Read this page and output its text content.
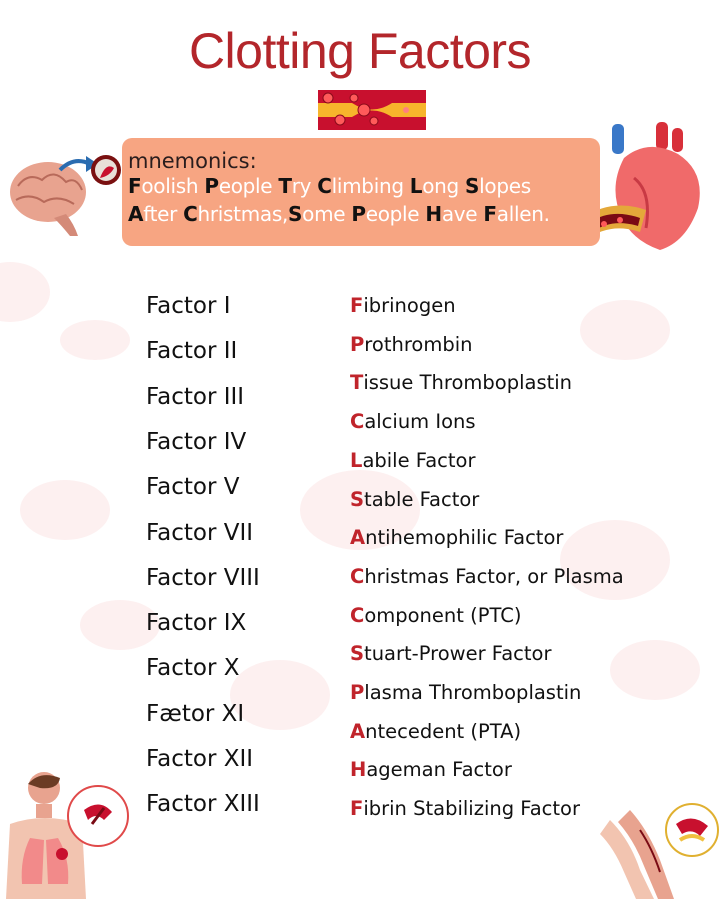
Clotting Factors
mnemonics:
Foolish People Try Climbing Long Slopes
After Christmas,Some People Have Fallen.
Factor I
Factor II
Factor III
Factor IV
Factor V
Factor VII
Factor VIII
Factor IX
Factor X
Fætor XI
Factor XII
Factor XIII
Fibrinogen
Prothrombin
Tissue Thromboplastin
Calcium Ions
Labile Factor
Stable Factor
Antihemophilic Factor
Christmas Factor, or Plasma
Component (PTC)
Stuart-Prower Factor
Plasma Thromboplastin
Antecedent (PTA)
Hageman Factor
Fibrin Stabilizing Factor
